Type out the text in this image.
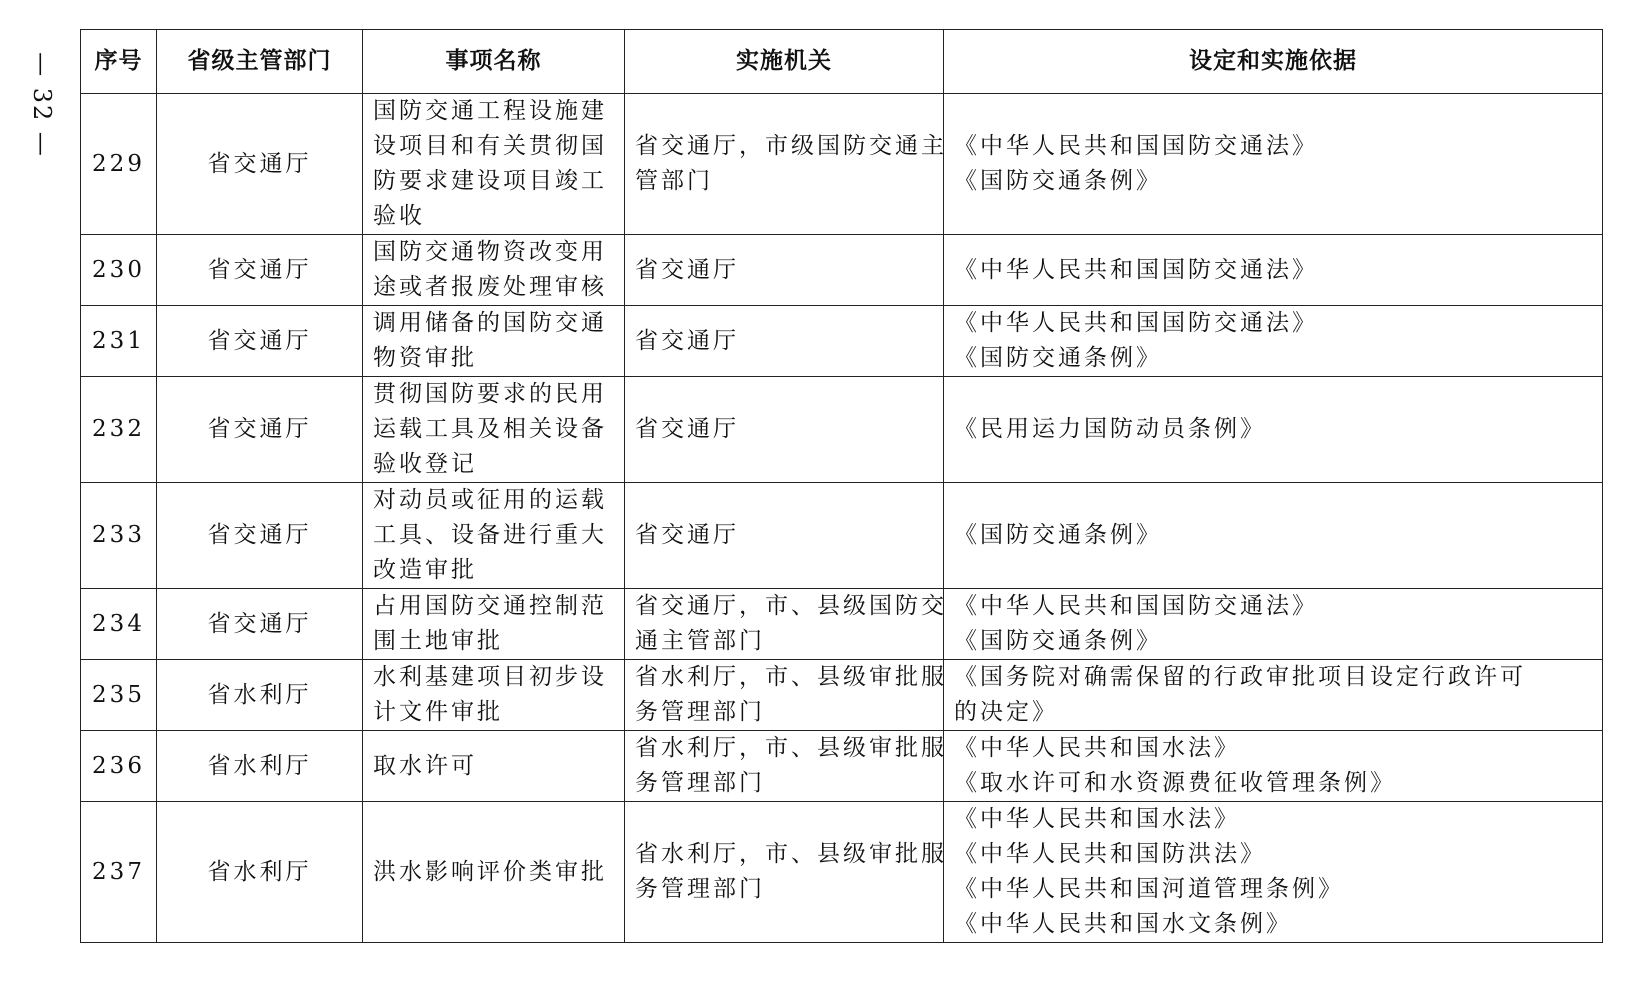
— 32 — 序号	省级主管部门	事项名称	实施机关	设定和实施依据
229	省交通厅	国防交通工程设施建
设项目和有关贯彻国
防要求建设项目竣工
验收	省交通厅，市级国防交通主
管部门	《中华人民共和国国防交通法》
《国防交通条例》

230	省交通厅	国防交通物资改变用
途或者报废处理审核	省交通厅	《中华人民共和国国防交通法》

231	省交通厅	调用储备的国防交通
物资审批	省交通厅	《中华人民共和国国防交通法》
《国防交通条例》

232	省交通厅	贯彻国防要求的民用
运载工具及相关设备
验收登记	省交通厅	《民用运力国防动员条例》

233	省交通厅	对动员或征用的运载
工具、设备进行重大
改造审批	省交通厅	《国防交通条例》

234	省交通厅	占用国防交通控制范
围土地审批	省交通厅，市、县级国防交
通主管部门	《中华人民共和国国防交通法》
《国防交通条例》

235	省水利厅	水利基建项目初步设
计文件审批	省水利厅，市、县级审批服
务管理部门	《国务院对确需保留的行政审批项目设定行政许可
的决定》

236	省水利厅	取水许可	省水利厅，市、县级审批服
务管理部门	《中华人民共和国水法》
《取水许可和水资源费征收管理条例》

237	省水利厅	洪水影响评价类审批	省水利厅，市、县级审批服
务管理部门	《中华人民共和国水法》
《中华人民共和国防洪法》
《中华人民共和国河道管理条例》
《中华人民共和国水文条例》
